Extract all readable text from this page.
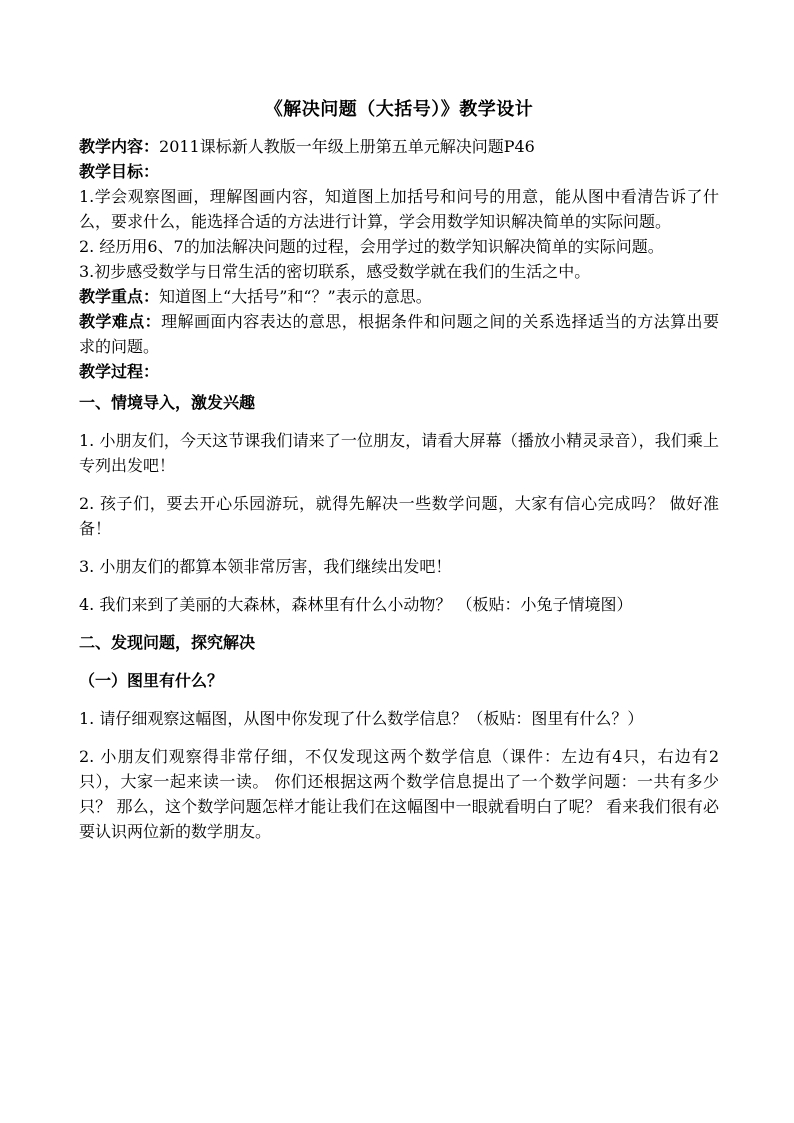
《解决问题（大括号）》教学设计

教学内容：2011课标新人教版一年级上册第五单元解决问题P46

教学目标：

1.学会观察图画，理解图画内容，知道图上加括号和问号的用意，能从图中看清告诉了什么，要求什么，能选择合适的方法进行计算，学会用数学知识解决简单的实际问题。

2. 经历用6、7的加法解决问题的过程，会用学过的数学知识解决简单的实际问题。

3.初步感受数学与日常生活的密切联系，感受数学就在我们的生活之中。

教学重点：知道图上“大括号”和“？”表示的意思。

教学难点：理解画面内容表达的意思，根据条件和问题之间的关系选择适当的方法算出要求的问题。

教学过程：

一、情境导入，激发兴趣

1. 小朋友们，今天这节课我们请来了一位朋友，请看大屏幕（播放小精灵录音），我们乘上专列出发吧！

2. 孩子们，要去开心乐园游玩，就得先解决一些数学问题，大家有信心完成吗？ 做好准备！

3. 小朋友们的都算本领非常厉害，我们继续出发吧！

4. 我们来到了美丽的大森林，森林里有什么小动物？ （板贴：小兔子情境图）

二、发现问题，探究解决

（一）图里有什么？

1. 请仔细观察这幅图，从图中你发现了什么数学信息？（板贴：图里有什么？）

2. 小朋友们观察得非常仔细，不仅发现这两个数学信息（课件：左边有4只，右边有2只），大家一起来读一读。 你们还根据这两个数学信息提出了一个数学问题：一共有多少只？ 那么，这个数学问题怎样才能让我们在这幅图中一眼就看明白了呢？ 看来我们很有必要认识两位新的数学朋友。
